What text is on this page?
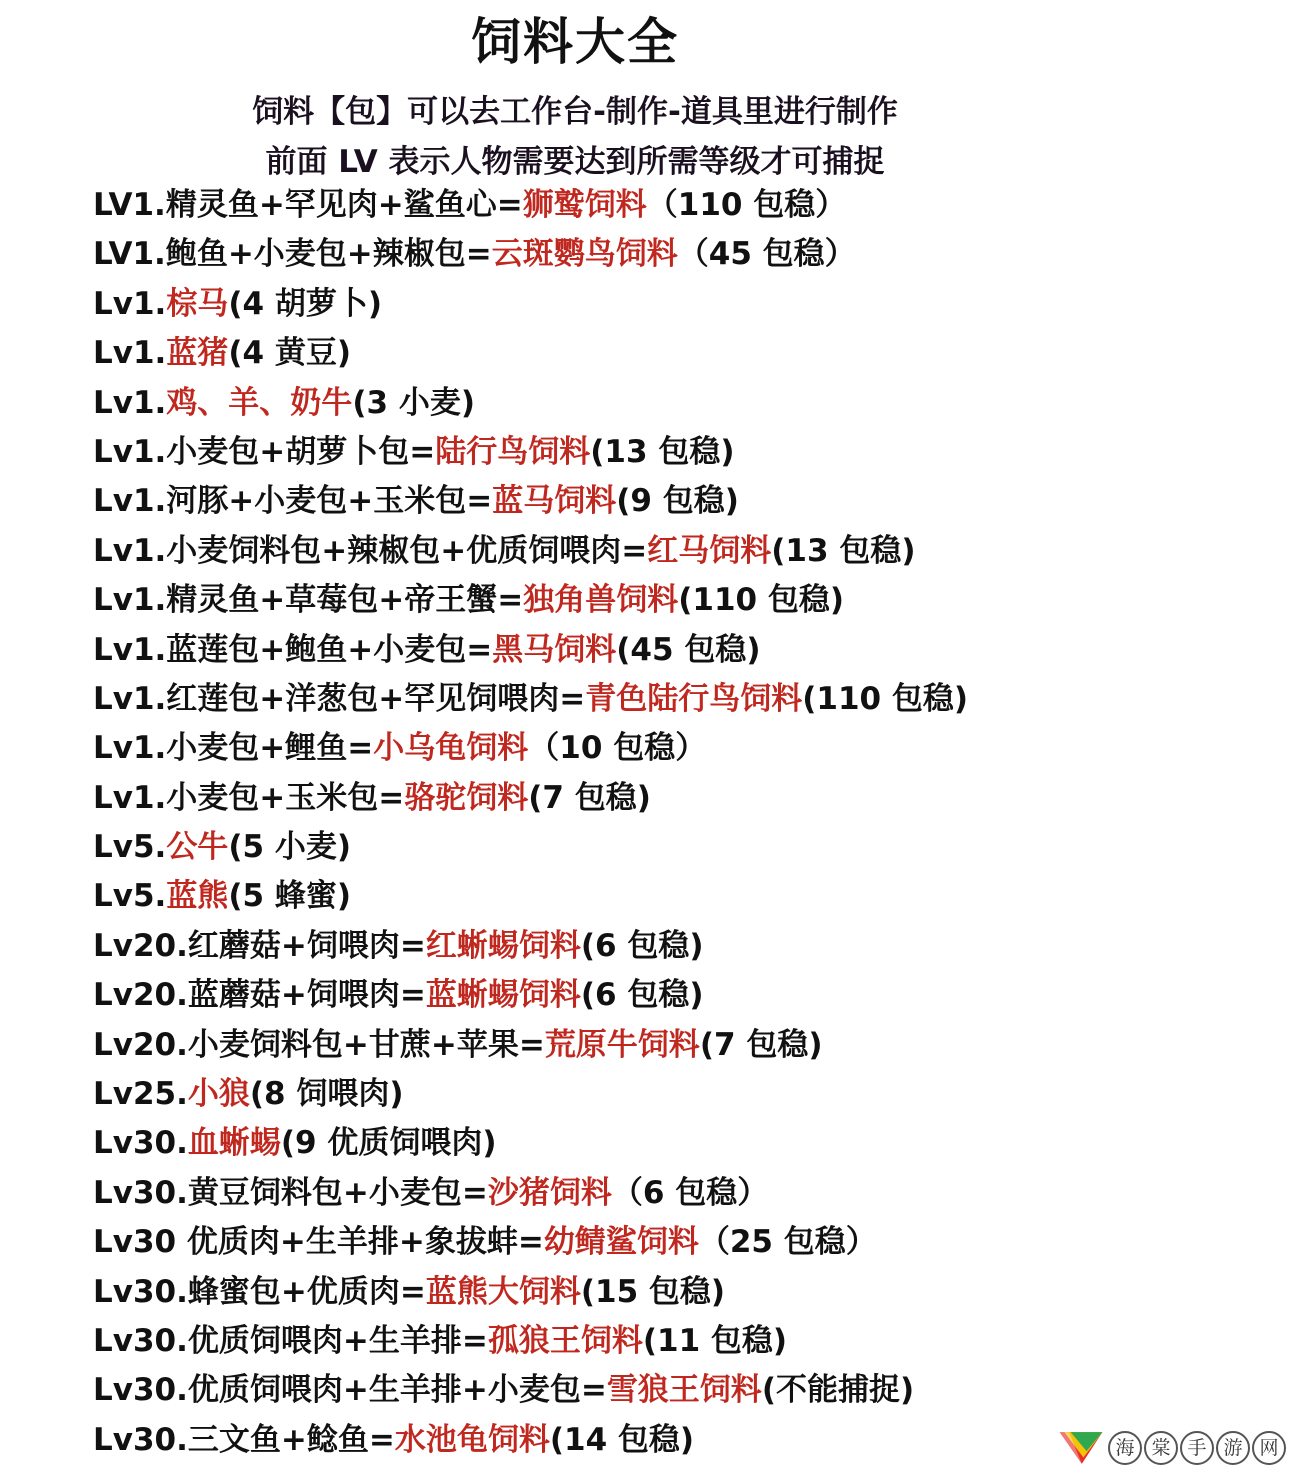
饲料大全
饲料【包】可以去工作台-制作-道具里进行制作
前面 LV 表示人物需要达到所需等级才可捕捉
LV1.精灵鱼+罕见肉+鲨鱼心=狮鹫饲料（110 包稳）
LV1.鲍鱼+小麦包+辣椒包=云斑鹦鸟饲料（45 包稳）
Lv1.棕马(4 胡萝卜)
Lv1.蓝猪(4 黄豆)
Lv1.鸡、羊、奶牛(3 小麦)
Lv1.小麦包+胡萝卜包=陆行鸟饲料(13 包稳)
Lv1.河豚+小麦包+玉米包=蓝马饲料(9 包稳)
Lv1.小麦饲料包+辣椒包+优质饲喂肉=红马饲料(13 包稳)
Lv1.精灵鱼+草莓包+帝王蟹=独角兽饲料(110 包稳)
Lv1.蓝莲包+鲍鱼+小麦包=黑马饲料(45 包稳)
Lv1.红莲包+洋葱包+罕见饲喂肉=青色陆行鸟饲料(110 包稳)
Lv1.小麦包+鲤鱼=小乌龟饲料（10 包稳）
Lv1.小麦包+玉米包=骆驼饲料(7 包稳)
Lv5.公牛(5 小麦)
Lv5.蓝熊(5 蜂蜜)
Lv20.红蘑菇+饲喂肉=红蜥蜴饲料(6 包稳)
Lv20.蓝蘑菇+饲喂肉=蓝蜥蜴饲料(6 包稳)
Lv20.小麦饲料包+甘蔗+苹果=荒原牛饲料(7 包稳)
Lv25.小狼(8 饲喂肉)
Lv30.血蜥蜴(9 优质饲喂肉)
Lv30.黄豆饲料包+小麦包=沙猪饲料（6 包稳）
Lv30 优质肉+生羊排+象拔蚌=幼鲭鲨饲料（25 包稳）
Lv30.蜂蜜包+优质肉=蓝熊大饲料(15 包稳)
Lv30.优质饲喂肉+生羊排=孤狼王饲料(11 包稳)
Lv30.优质饲喂肉+生羊排+小麦包=雪狼王饲料(不能捕捉)
Lv30.三文鱼+鲶鱼=水池龟饲料(14 包稳)	海 棠 手 游 网
